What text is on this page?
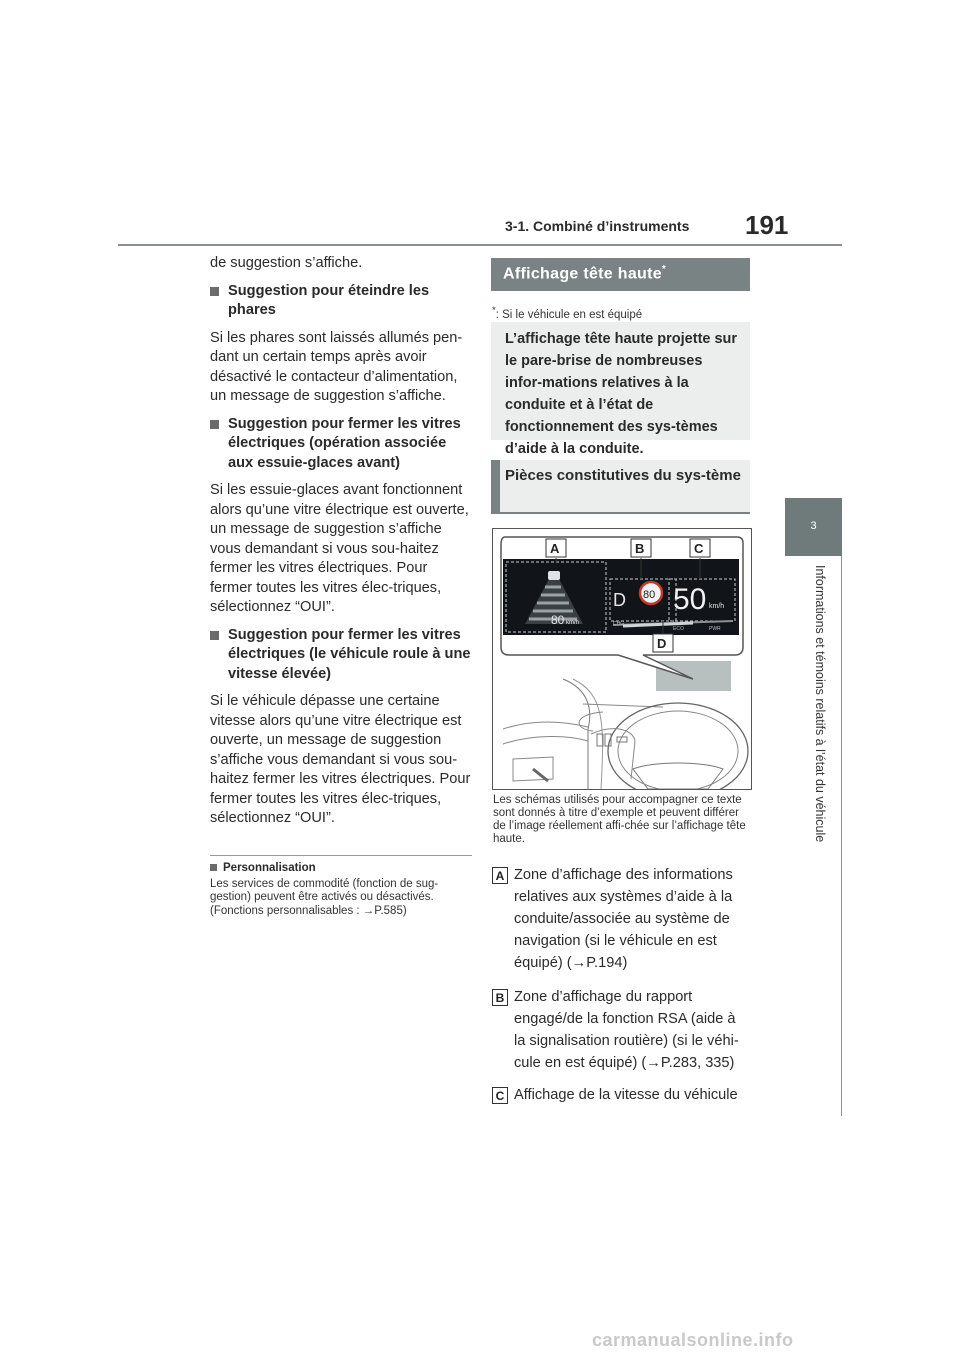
3-1. Combiné d’instruments 191
3
Informations et témoins relatifs à l’état du véhicule

de suggestion s’affiche.

Suggestion pour éteindre les phares

Si les phares sont laissés allumés pen-dant un certain temps après avoir désactivé le contacteur d’alimentation, un message de suggestion s’affiche.

Suggestion pour fermer les vitres électriques (opération associée aux essuie-glaces avant)

Si les essuie-glaces avant fonctionnent alors qu’une vitre électrique est ouverte, un message de suggestion s’affiche vous demandant si vous sou-haitez fermer les vitres électriques. Pour fermer toutes les vitres élec-triques, sélectionnez “OUI”.

Suggestion pour fermer les vitres électriques (le véhicule roule à une vitesse élevée)

Si le véhicule dépasse une certaine vitesse alors qu’une vitre électrique est ouverte, un message de suggestion s’affiche vous demandant si vous sou-haitez fermer les vitres électriques. Pour fermer toutes les vitres élec-triques, sélectionnez “OUI”.

Personnalisation

Les services de commodité (fonction de sug-gestion) peuvent être activés ou désactivés. (Fonctions personnalisables : →P.585)

Affichage tête haute*
*: Si le véhicule en est équipé
L’affichage tête haute projette sur le pare-brise de nombreuses infor-mations relatives à la conduite et à l’état de fonctionnement des sys-tèmes d’aide à la conduite.
Pièces constitutives du sys-tème
80 km/h
D 80 50 km/h
CHG
ECO	PWR
A	B	C
D
Les schémas utilisés pour accompagner ce texte sont donnés à titre d’exemple et peuvent différer de l’image réellement affi-chée sur l’affichage tête haute.
A Zone d’affichage des informations relatives aux systèmes d’aide à la conduite/associée au système de navigation (si le véhicule en est équipé) (→P.194)
B Zone d’affichage du rapport engagé/de la fonction RSA (aide à la signalisation routière) (si le véhi-cule en est équipé) (→P.283, 335)
C Affichage de la vitesse du véhicule
carmanualsonline.info
